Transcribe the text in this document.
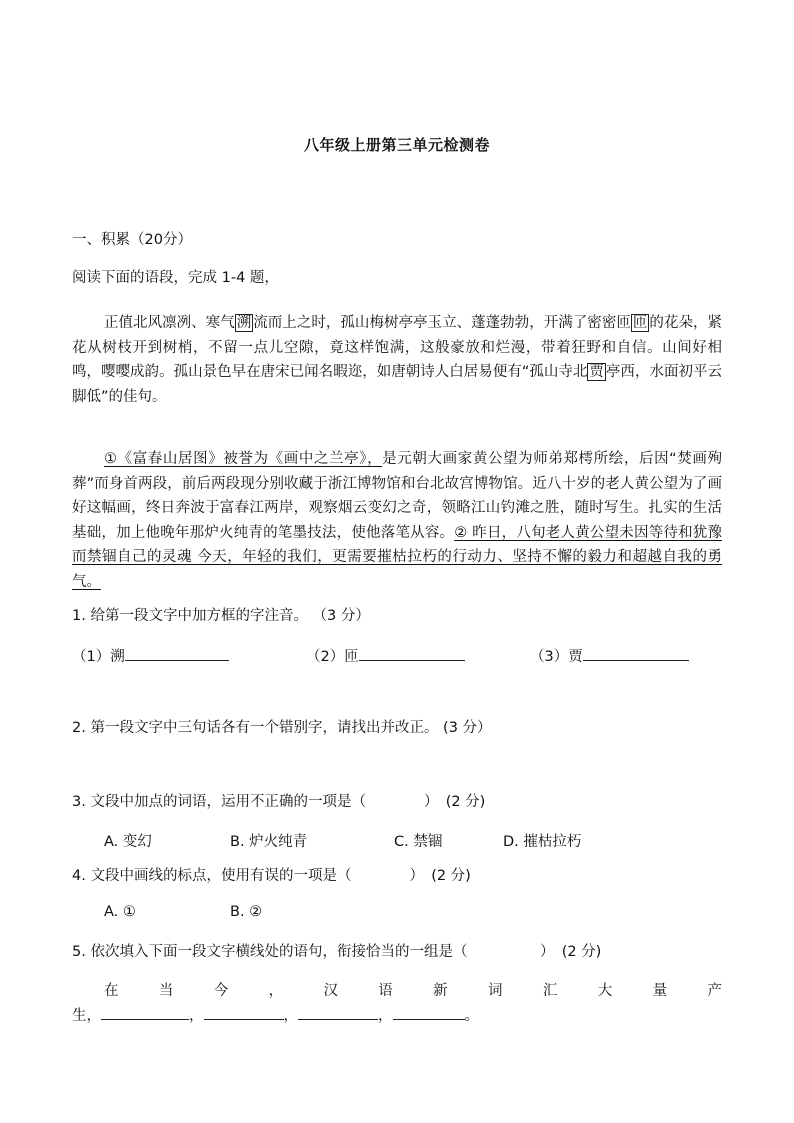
八年级上册第三单元检测卷
一、积累（20分）
阅读下面的语段，完成 1-4 题，
正值北风凛冽、寒气 溯 流而上之时，孤山梅树亭亭玉立、蓬蓬勃勃，开满了密密匝 匝 的花朵，紧花从树枝开到树梢，不留一点儿空隙，竟这样饱满，这般豪放和烂漫，带着狂野和自信。山间好相鸣，嘤嘤成韵。孤山景色早在唐宋已闻名暇迩，如唐朝诗人白居易便有“孤山寺北 贾 亭西，水面初平云脚低”的佳句。
①《富春山居图》被誉为《画中之兰亭》，是元朝大画家黄公望为师弟郑樗所绘，后因“焚画殉葬”而身首两段，前后两段现分别收藏于浙江博物馆和台北故宫博物馆。近八十岁的老人黄公望为了画好这幅画，终日奔波于富春江两岸，观察烟云变幻之奇，领略江山钓滩之胜，随时写生。扎实的生活基础，加上他晚年那炉火纯青的笔墨技法，使他落笔从容。② 昨日，八旬老人黄公望未因等待和犹豫而禁锢自己的灵魂 今天，年轻的我们，更需要摧枯拉朽的行动力、坚持不懈的毅力和超越自我的勇气。
1. 给第一段文字中加方框的字注音。 （3 分）
（1）溯	（2）匝	（3）贾
2. 第一段文字中三句话各有一个错别字，请找出并改正。 (3 分）
3. 文段中加点的词语，运用不正确的一项是（　　　　）　(2 分)
A. 变幻	B. 炉火纯青	C. 禁锢	D. 摧枯拉朽
4. 文段中画线的标点，使用有误的一项是（　　　　）　(2 分)
A. ①	B. ②
5. 依次填入下面一段文字横线处的语句，衔接恰当的一组是（　　　　　）　(2 分)
在	当	今	，	汉	语	新	词	汇	大	量	产
生，	，	，	，	。
